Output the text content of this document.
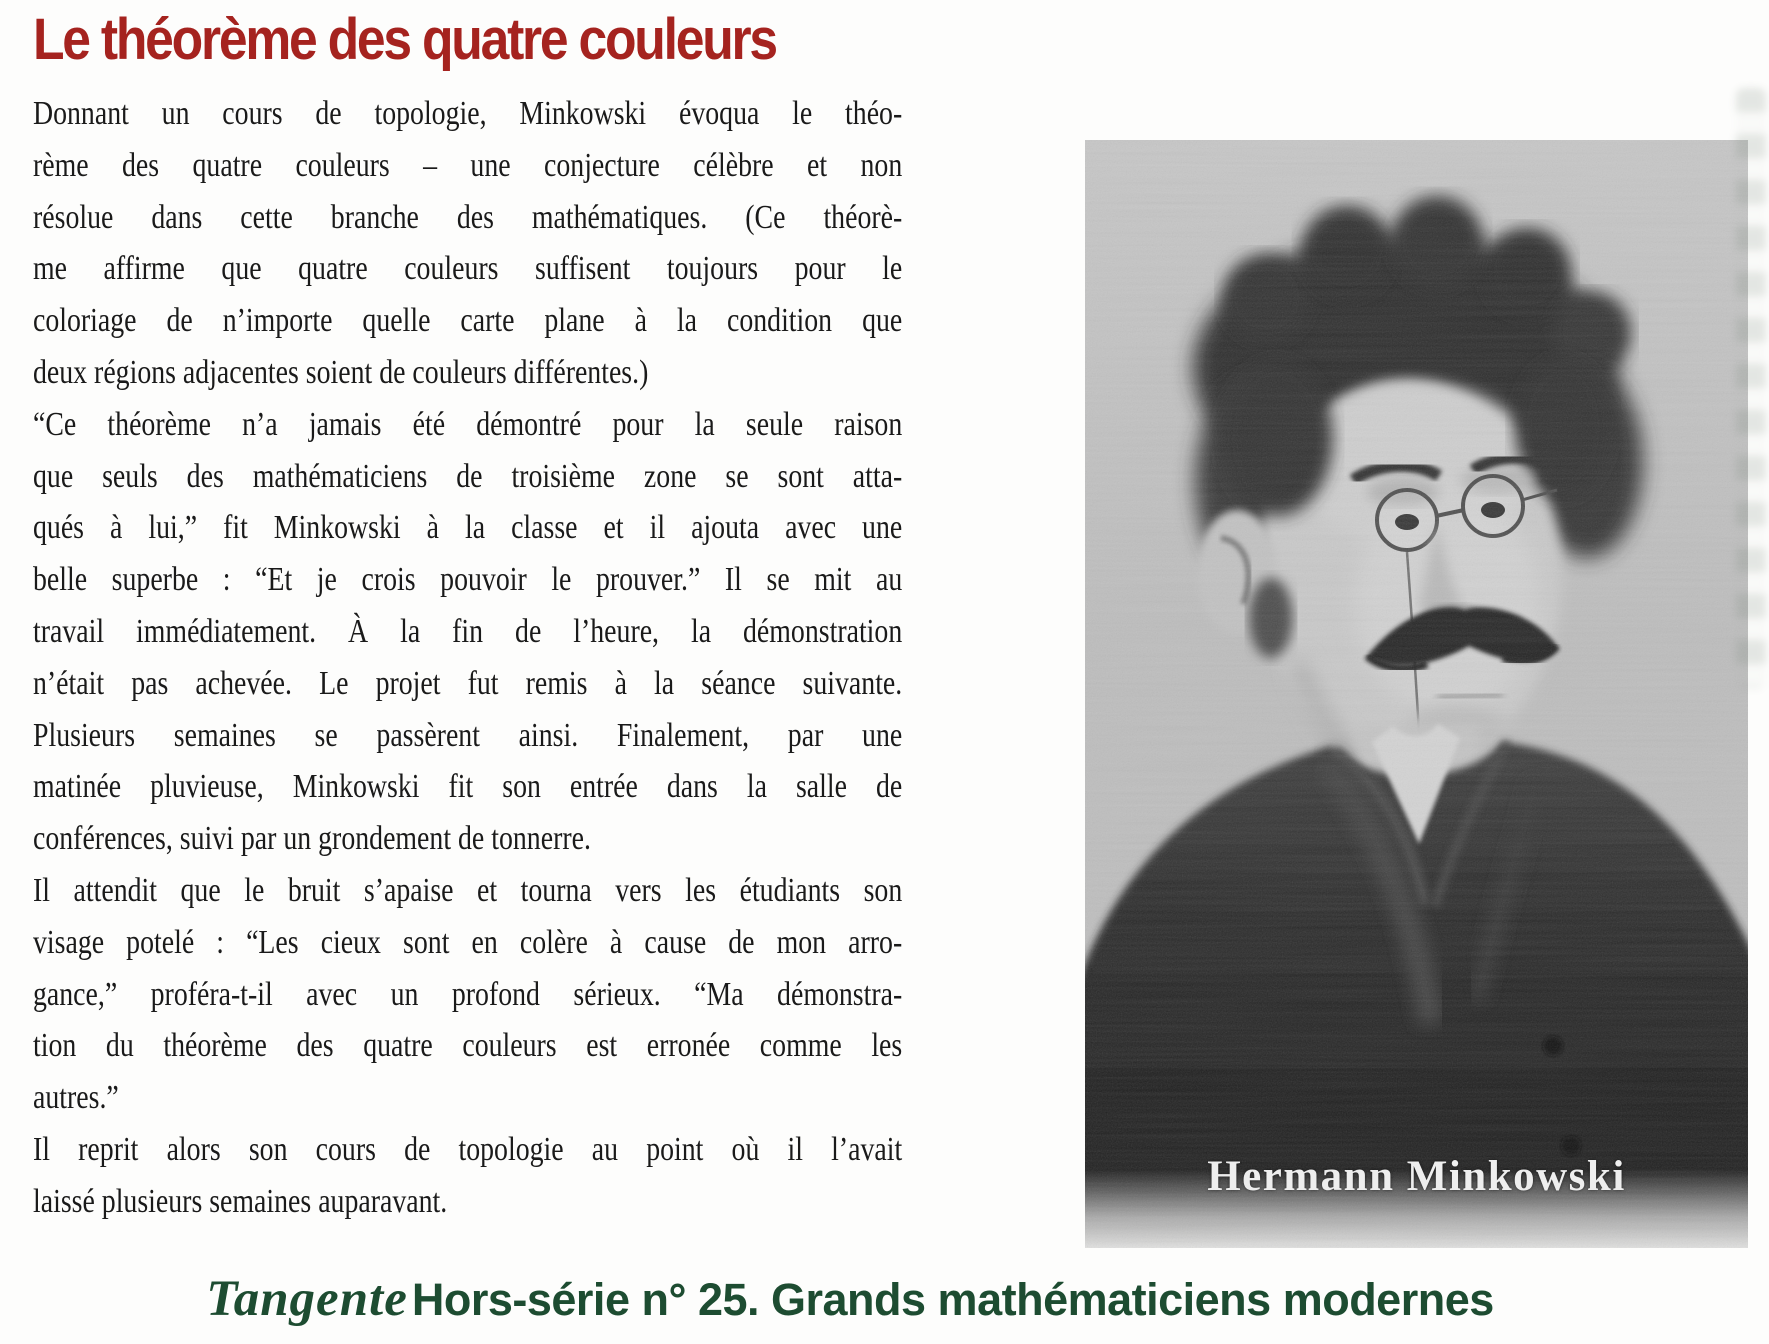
Le théorème des quatre couleurs
Donnant un cours de topologie, Minkowski évoqua le théo-
rème des quatre couleurs – une conjecture célèbre et non
résolue dans cette branche des mathématiques. (Ce théorè-
me affirme que quatre couleurs suffisent toujours pour le
coloriage de n’importe quelle carte plane à la condition que
deux régions adjacentes soient de couleurs différentes.)
“Ce théorème n’a jamais été démontré pour la seule raison
que seuls des mathématiciens de troisième zone se sont atta-
qués à lui,” fit Minkowski à la classe et il ajouta avec une
belle superbe : “Et je crois pouvoir le prouver.” Il se mit au
travail immédiatement. À la fin de l’heure, la démonstration
n’était pas achevée. Le projet fut remis à la séance suivante.
Plusieurs semaines se passèrent ainsi. Finalement, par une
matinée pluvieuse, Minkowski fit son entrée dans la salle de
conférences, suivi par un grondement de tonnerre.
Il attendit que le bruit s’apaise et tourna vers les étudiants son
visage potelé : “Les cieux sont en colère à cause de mon arro-
gance,” proféra-t-il avec un profond sérieux. “Ma démonstra-
tion du théorème des quatre couleurs est erronée comme les
autres.”
Il reprit alors son cours de topologie au point où il l’avait
laissé plusieurs semaines auparavant.
Hermann Minkowski
Tangente Hors-série n° 25. Grands mathématiciens modernes
